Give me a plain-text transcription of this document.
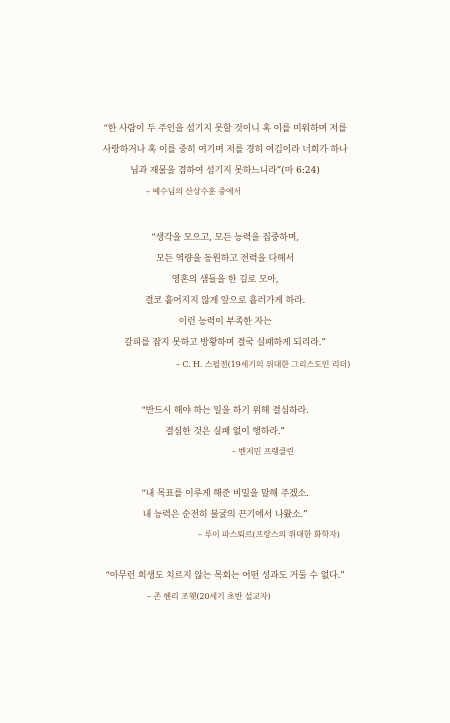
“한 사람이 두 주인을 섬기지 못할 것이니 혹 이를 미워하며 저를
사랑하거나 혹 이를 중히 여기며 저를 경히 여김이라 너희가 하나
님과 재물을 겸하여 섬기지 못하느니라”(마 6:24)
– 예수님의 산상수훈 중에서
“생각을 모으고, 모든 능력을 집중하며,
모든 역량을 동원하고 전력을 다해서
영혼의 샘들을 한 길로 모아,
결코 흩어지지 않게 앞으로 흘러가게 하라.
이런 능력이 부족한 자는
갈피를 잡지 못하고 방황하며 결국 실패하게 되리라.”
– C. H. 스펄전(19세기의 위대한 그리스도인 리더)
“반드시 해야 하는 일을 하기 위해 결심하라.
결심한 것은 실패 없이 행하라.”
– 벤저민 프랭클린
“내 목표를 이루게 해준 비밀을 말해 주겠소.
내 능력은 순전히 불굴의 끈기에서 나왔소.”
– 루이 파스퇴르(프랑스의 위대한 화학자)
“아무런 희생도 치르지 않는 목회는 어떤 성과도 거둘 수 없다.”
– 존 헨리 조웻(20세기 초반 설교자)
